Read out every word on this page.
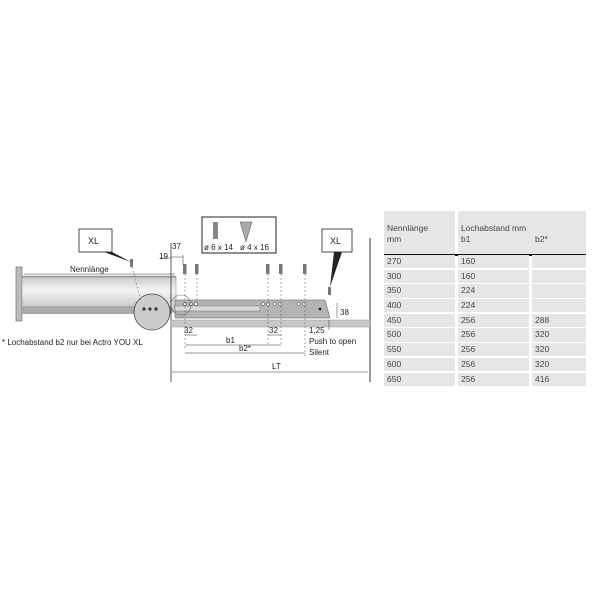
XL	XL
ø 6 x 14 ø 4 x 16
37
19
Nennlänge
32	32
38
b1
b2*
1,25
Push to open
Silent
LT
* Lochabstand b2 nur bei Actro YOU XL
Nennlänge
mm
Lochabstand mm
b1	b2*
270	160
300	160
350	224
400	224
450	256	288
500	256	320
550	256	320
600	256	320
650	256	416
